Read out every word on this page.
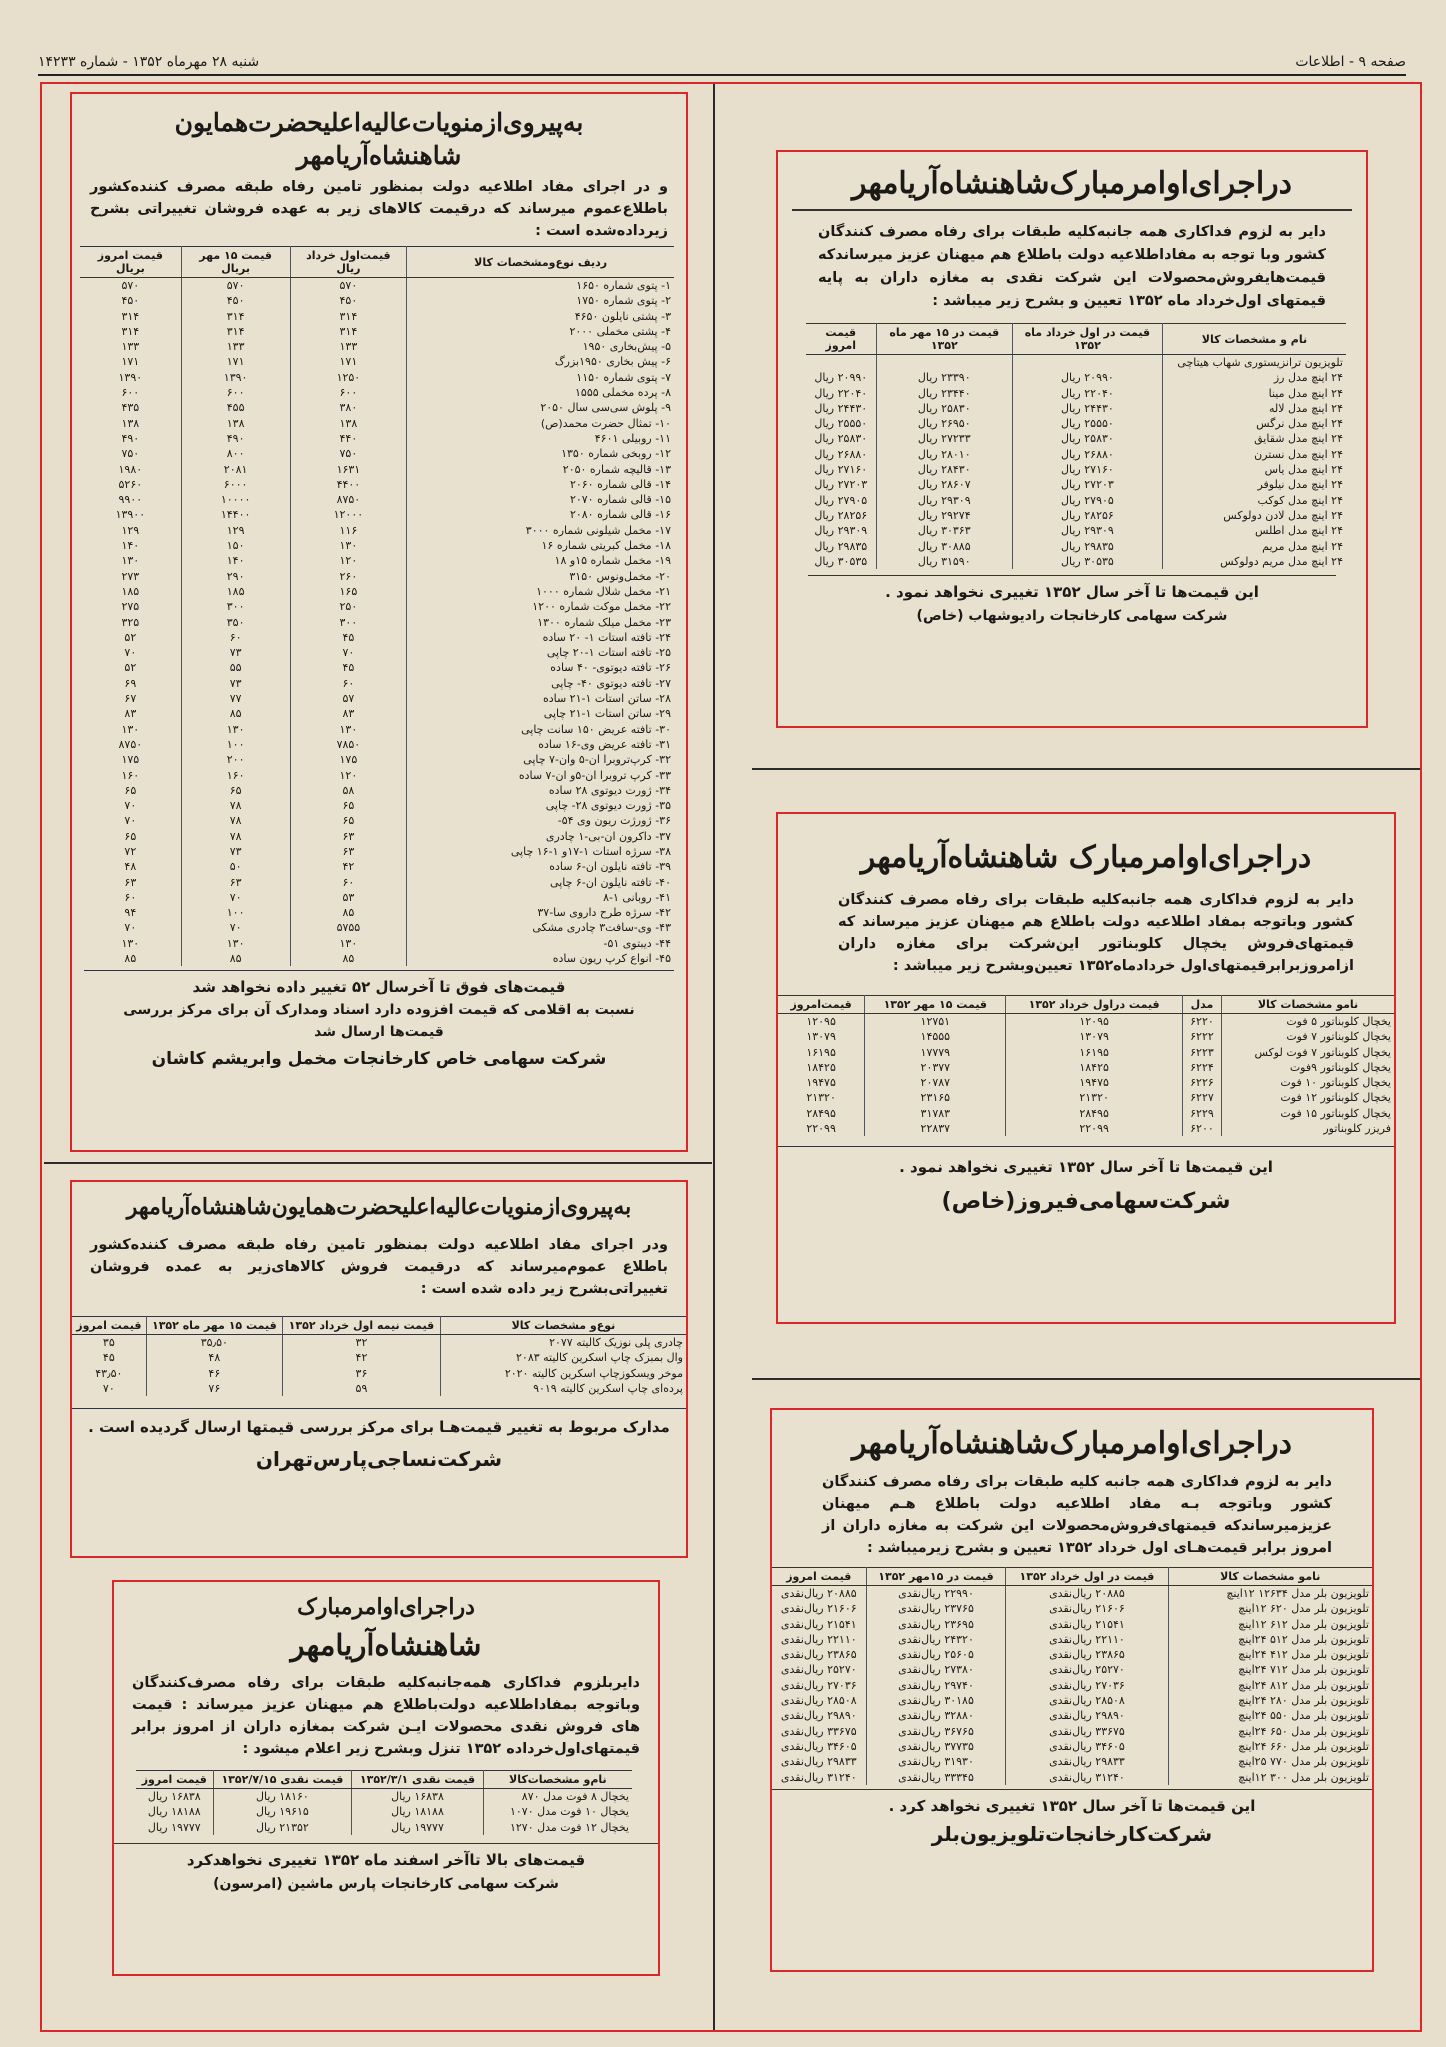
صفحه ۹ - اطلاعات
شنبه ۲۸ مهرماه ۱۳۵۲ - شماره ۱۴۲۳۳
به‌پیروی‌ازمنویات‌عالیه‌اعلیحضرت‌همایون
شاهنشاه‌آریامهر
و در اجرای مفاد اطلاعیه دولت بمنظور تامین رفاه طبقه مصرف کننده‌کشور باطلاع‌عموم میرساند که درقیمت کالاهای زیر به عهده فروشان تغییراتی بشرح زیرداده‌شده است :
ردیف نوع‌ومشخصات کالا	قیمت‌اول خرداد ریال	قیمت ۱۵ مهر بریال	قیمت امروز بریال
۱- پتوی شماره ۱۶۵۰	۵۷۰	۵۷۰	۵۷۰
۲- پتوی شماره ۱۷۵۰	۴۵۰	۴۵۰	۴۵۰
۳- پشتی نایلون ۴۶۵۰	۳۱۴	۳۱۴	۳۱۴
۴- پشتی مخملی ۲۰۰۰	۳۱۴	۳۱۴	۳۱۴
۵- پیش‌بخاری ۱۹۵۰	۱۳۳	۱۳۳	۱۳۳
۶- پیش بخاری ۱۹۵۰بزرگ	۱۷۱	۱۷۱	۱۷۱
۷- پتوی شماره ۱۱۵۰	۱۲۵۰	۱۳۹۰	۱۳۹۰
۸- پرده مخملی ۱۵۵۵	۶۰۰	۶۰۰	۶۰۰
۹- پلوش سی‌سی‌ سال ۲۰۵۰	۳۸۰	۴۵۵	۴۳۵
۱۰- تمثال حضرت محمد(ص)	۱۳۸	۱۳۸	۱۳۸
۱۱- روبیلی ۴۶۰۱	۴۴۰	۴۹۰	۴۹۰
۱۲- روبخی شماره ۱۳۵۰	۷۵۰	۸۰۰	۷۵۰
۱۳- قالیچه شماره ۲۰۵۰	۱۶۳۱	۲۰۸۱	۱۹۸۰
۱۴- قالی شماره ۲۰۶۰	۴۴۰۰	۶۰۰۰	۵۲۶۰
۱۵- قالی شماره ۲۰۷۰	۸۷۵۰	۱۰۰۰۰	۹۹۰۰
۱۶- قالی شماره ۲۰۸۰	۱۲۰۰۰	۱۴۴۰۰	۱۳۹۰۰
۱۷- مخمل شیلونی شماره ۳۰۰۰	۱۱۶	۱۲۹	۱۲۹
۱۸- مخمل کبریتی شماره ۱۶	۱۳۰	۱۵۰	۱۴۰
۱۹- مخمل شماره ۱۵و ۱۸	۱۲۰	۱۴۰	۱۳۰
۲۰- مخمل‌ونوس ۳۱۵۰	۲۶۰	۲۹۰	۲۷۳
۲۱- مخمل شلال شماره ۱۰۰۰	۱۶۵	۱۸۵	۱۸۵
۲۲- مخمل موکت شماره ۱۲۰۰	۲۵۰	۳۰۰	۲۷۵
۲۳- مخمل میلک شماره ۱۳۰۰	۳۰۰	۳۵۰	۳۲۵
۲۴- تافته استات ۱- ۲۰ ساده	۴۵	۶۰	۵۲
۲۵- تافته استات ۱-۲۰ چاپی	۷۰	۷۳	۷۰
۲۶- تافته دیوتوی- ۴۰ ساده	۴۵	۵۵	۵۲
۲۷- تافته دیوتوی ۴۰- چاپی	۶۰	۷۳	۶۹
۲۸- ساتن استات ۱-۲۱ ساده	۵۷	۷۷	۶۷
۲۹- ساتن استات ۱-۲۱ چاپی	۸۳	۸۵	۸۳
۳۰- تافته عریض ۱۵۰ سانت چاپی	۱۳۰	۱۳۰	۱۳۰
۳۱- تافته عریض وی-۱۶ ساده	۷۸۵۰	۱۰۰	۸۷۵۰
۳۲- کرپ‌تروبرا ان-۵ وان-۷ چاپی	۱۷۵	۲۰۰	۱۷۵
۳۳- کرپ تروبرا ان-۵و ان-۷ ساده	۱۲۰	۱۶۰	۱۶۰
۳۴- ژورت دیوتوی ۲۸ ساده	۵۸	۶۵	۶۵
۳۵- ژورت دیوتوی ۲۸- چاپی	۶۵	۷۸	۷۰
۳۶- ژورژت ریون وی ۵۴-	۶۵	۷۸	۷۰
۳۷- داکرون ان-بی-۱ چادری	۶۳	۷۸	۶۵
۳۸- سرژه استات ۱-۱۷و ۱-۱۶ چاپی	۶۳	۷۳	۷۲
۳۹- تافته نایلون ان-۶ ساده	۴۲	۵۰	۴۸
۴۰- تافته نایلون ان-۶ چاپی	۶۰	۶۳	۶۳
۴۱- روبانی ۱-۸	۵۳	۷۰	۶۰
۴۲- سرژه طرح داروی سا-۳۷	۸۵	۱۰۰	۹۴
۴۳- وی-سافت۳ چادری مشکی	۵۷۵۵	۷۰	۷۰
۴۴- دیبتوی ۵۱-	۱۳۰	۱۳۰	۱۳۰
۴۵- انواع کرپ ریون ساده	۸۵	۸۵	۸۵
قیمت‌های فوق تا آخرسال ۵۲ تغییر داده نخواهد شد
نسبت به اقلامی که قیمت افزوده دارد اسناد ومدارک آن برای مرکز بررسی قیمت‌ها ارسال شد
شرکت سهامی خاص کارخانجات مخمل وابریشم کاشان
به‌پیروی‌ازمنویات‌عالیه‌اعلیحضرت‌همایون‌شاهنشاه‌آریامهر
ودر اجرای مفاد اطلاعیه دولت بمنظور تامین رفاه طبقه مصرف کننده‌کشور باطلاع عموم‌میرساند که درقیمت فروش کالاهای‌زیر به عمده فروشان تغییراتی‌بشرح زیر داده شده است :
نوع‌و مشخصات کالا	قیمت نیمه اول خرداد ۱۳۵۲	قیمت ۱۵ مهر ماه ۱۳۵۲	قیمت امروز
چادری پلی نوزیک کالیته ۲۰۷۷	۳۲	۳۵٫۵۰	۳۵
وال بمبزک چاپ اسکرین کالیته ۲۰۸۳	۴۲	۴۸	۴۵
موخر ویسکوزچاپ اسکرین کالیته ۲۰۲۰	۳۶	۴۶	۴۳٫۵۰
پرده‌ای چاپ اسکرین کالیته ۹۰۱۹	۵۹	۷۶	۷۰
مدارک مربوط به تغییر قیمت‌هـا برای مرکز بررسی قیمتها ارسال گردیده است .
شرکت‌نساجی‌پارس‌تهران
دراجرای‌اوامرمبارک
شاهنشاه‌آریامهر
دایربلزوم فداکاری همه‌جانبه‌کلیه طبقات برای رفاه مصرف‌کنندگان وباتوجه بمفاداطلاعیه دولت‌باطلاع هم میهنان عزیز میرساند : قیمت های فروش نقدی محصولات ایـن شرکت بمغازه داران از امروز برابر قیمتهای‌اول‌خرداده ۱۳۵۲ تنزل وبشرح زیر اعلام میشود :
نام‌و مشخصات‌کالا	قیمت نقدی ۱۳۵۲/۳/۱	قیمت نقدی ۱۳۵۲/۷/۱۵	قیمت امروز
یخچال ۸ فوت مدل ۸۷۰	۱۶۸۳۸ ریال	۱۸۱۶۰ ریال	۱۶۸۳۸ ریال
یخچال ۱۰ فوت مدل ۱۰۷۰	۱۸۱۸۸ ریال	۱۹۶۱۵ ریال	۱۸۱۸۸ ریال
یخچال ۱۲ فوت مدل ۱۲۷۰	۱۹۷۷۷ ریال	۲۱۳۵۲ ریال	۱۹۷۷۷ ریال
قیمت‌های بالا تاآخر اسفند ماه ۱۳۵۲ تغییری نخواهدکرد
شرکت سهامی کارخانجات پارس ماشین (امرسون)
دراجرای‌اوامرمبارک‌شاهنشاه‌آریامهر
دایر به لزوم فداکاری همه جانبه‌کلیه طبقات برای رفاه مصرف کنندگان کشور وبا توجه به مفاداطلاعیه دولت باطلاع هم میهنان عزیز میرساندکه قیمت‌هایفروش‌محصولات این شرکت نقدی به مغازه داران به پایه قیمتهای اول‌خرداد ماه ۱۳۵۲ تعیین و بشرح زیر میباشد :
نام و مشخصات کالا	قیمت در اول خرداد ماه ۱۳۵۲	قیمت در ۱۵ مهر ماه ۱۳۵۲	قیمت امروز
تلویزیون ترانزیستوری شهاب هیتاچی			
۲۴ اینچ مدل رز	۲۰۹۹۰ ریال	۲۳۳۹۰ ریال	۲۰۹۹۰ ریال
۲۴ اینچ مدل مینا	۲۲۰۴۰ ریال	۲۳۴۴۰ ریال	۲۲۰۴۰ ریال
۲۴ اینچ مدل لاله	۲۴۴۳۰ ریال	۲۵۸۳۰ ریال	۲۴۴۳۰ ریال
۲۴ اینچ مدل نرگس	۲۵۵۵۰ ریال	۲۶۹۵۰ ریال	۲۵۵۵۰ ریال
۲۴ اینچ مدل شقایق	۲۵۸۳۰ ریال	۲۷۲۳۳ ریال	۲۵۸۳۰ ریال
۲۴ اینچ مدل نسترن	۲۶۸۸۰ ریال	۲۸۰۱۰ ریال	۲۶۸۸۰ ریال
۲۴ اینچ مدل یاس	۲۷۱۶۰ ریال	۲۸۴۳۰ ریال	۲۷۱۶۰ ریال
۲۴ اینچ مدل نیلوفر	۲۷۲۰۳ ریال	۲۸۶۰۷ ریال	۲۷۲۰۳ ریال
۲۴ اینچ مدل کوکب	۲۷۹۰۵ ریال	۲۹۳۰۹ ریال	۲۷۹۰۵ ریال
۲۴ اینچ مدل لادن دولوکس	۲۸۲۵۶ ریال	۲۹۲۷۴ ریال	۲۸۲۵۶ ریال
۲۴ اینچ مدل اطلس	۲۹۳۰۹ ریال	۳۰۳۶۳ ریال	۲۹۳۰۹ ریال
۲۴ اینچ مدل مریم	۲۹۸۳۵ ریال	۳۰۸۸۵ ریال	۲۹۸۳۵ ریال
۲۴ اینچ مدل مریم دولوکس	۳۰۵۳۵ ریال	۳۱۵۹۰ ریال	۳۰۵۳۵ ریال
این قیمت‌ها تا آخر سال ۱۳۵۲ تغییری نخواهد نمود .
شرکت سهامی کارخانجات رادیوشهاب (خاص)
دراجرای‌اوامرمبارک شاهنشاه‌آریامهر
دایر به لزوم فداکاری همه جانبه‌کلیه طبقات برای رفاه مصرف کنندگان کشور وباتوجه بمفاد اطلاعیه دولت باطلاع هم میهنان عزیز میرساند که قیمتهای‌فروش یخچال کلوبناتور این‌شرکت برای مغازه داران ازامروزبرابرقیمتهای‌اول خردادماه۱۳۵۲ تعیین‌وبشرح زیر میباشد :
نامو مشخصات کالا	مدل	قیمت دراول خرداد ۱۳۵۲	قیمت ۱۵ مهر ۱۳۵۲	قیمت‌امروز
یخچال کلوبناتور ۵ فوت	۶۲۲۰	۱۲۰۹۵	۱۲۷۵۱	۱۲۰۹۵
یخچال کلوبناتور ۷ فوت	۶۲۲۲	۱۳۰۷۹	۱۴۵۵۵	۱۳۰۷۹
یخچال کلوبناتور ۷ فوت لوکس	۶۲۲۳	۱۶۱۹۵	۱۷۷۷۹	۱۶۱۹۵
یخچال کلوبناتور ۹فوت	۶۲۲۴	۱۸۴۲۵	۲۰۳۷۷	۱۸۴۲۵
یخچال کلوبناتور ۱۰ فوت	۶۲۲۶	۱۹۴۷۵	۲۰۷۸۷	۱۹۴۷۵
یخچال کلوبناتور ۱۲ فوت	۶۲۲۷	۲۱۳۲۰	۲۳۱۶۵	۲۱۳۲۰
یخچال کلوبناتور ۱۵ فوت	۶۲۲۹	۲۸۴۹۵	۳۱۷۸۳	۲۸۴۹۵
فریزر کلوبناتور	۶۲۰۰	۲۲۰۹۹	۲۲۸۳۷	۲۲۰۹۹
این قیمت‌ها تا آخر سال ۱۳۵۲ تغییری نخواهد نمود .
شرکت‌سهامی‌فیروز(خاص)
دراجرای‌اوامرمبارک‌شاهنشاه‌آریامهر
دایر به لزوم فداکاری همه جانبه کلیه طبقات برای رفاه مصرف کنندگان کشور وباتوجه بـه مفاد اطلاعیه دولت باطلاع هـم میهنان عزیزمیرساندکه قیمتهای‌فروش‌محصولات این شرکت به مغازه داران از امروز برابر قیمت‌هـای اول خرداد ۱۳۵۲ تعیین و بشرح زیرمیباشد :
نامو مشخصات کالا	قیمت در اول خرداد ۱۳۵۲	قیمت در ۱۵مهر ۱۳۵۲	قیمت امروز
تلویزیون بلر مدل ۱۲۶۳۴ ۱۲اینچ	۲۰۸۸۵ ریال‌نقدی	۲۲۹۹۰ ریال‌نقدی	۲۰۸۸۵ ریال‌نقدی
تلویزیون بلر مدل ۶۲۰ ۱۲اینچ	۲۱۶۰۶ ریال‌نقدی	۲۳۷۶۵ ریال‌نقدی	۲۱۶۰۶ ریال‌نقدی
تلویزیون بلر مدل ۶۱۲ ۱۲اینچ	۲۱۵۴۱ ریال‌نقدی	۲۳۶۹۵ ریال‌نقدی	۲۱۵۴۱ ریال‌نقدی
تلویزیون بلر مدل ۵۱۲ ۲۴اینچ	۲۲۱۱۰ ریال‌نقدی	۲۴۳۲۰ ریال‌نقدی	۲۲۱۱۰ ریال‌نقدی
تلویزیون بلر مدل ۴۱۲ ۲۴اینچ	۲۳۸۶۵ ریال‌نقدی	۲۵۶۰۵ ریال‌نقدی	۲۳۸۶۵ ریال‌نقدی
تلویزیون بلر مدل ۷۱۲ ۲۴اینچ	۲۵۲۷۰ ریال‌نقدی	۲۷۳۸۰ ریال‌نقدی	۲۵۲۷۰ ریال‌نقدی
تلویزیون بلر مدل ۸۱۲ ۲۴اینچ	۲۷۰۳۶ ریال‌نقدی	۲۹۷۴۰ ریال‌نقدی	۲۷۰۳۶ ریال‌نقدی
تلویزیون بلر مدل ۲۸۰ ۲۴اینچ	۲۸۵۰۸ ریال‌نقدی	۳۰۱۸۵ ریال‌نقدی	۲۸۵۰۸ ریال‌نقدی
تلویزیون بلر مدل ۵۵۰ ۲۴اینچ	۲۹۸۹۰ ریال‌نقدی	۳۲۸۸۰ ریال‌نقدی	۲۹۸۹۰ ریال‌نقدی
تلویزیون بلر مدل ۶۵۰ ۲۴اینچ	۳۳۶۷۵ ریال‌نقدی	۳۶۷۶۵ ریال‌نقدی	۳۳۶۷۵ ریال‌نقدی
تلویزیون بلر مدل ۶۶۰ ۲۴اینچ	۳۴۶۰۵ ریال‌نقدی	۳۷۷۳۵ ریال‌نقدی	۳۴۶۰۵ ریال‌نقدی
تلویزیون بلر مدل ۷۷۰ ۲۵اینچ	۲۹۸۳۳ ریال‌نقدی	۳۱۹۳۰ ریال‌نقدی	۲۹۸۳۳ ریال‌نقدی
تلویزیون بلر مدل ۳۰۰ ۱۲اینچ	۳۱۲۴۰ ریال‌نقدی	۳۳۳۴۵ ریال‌نقدی	۳۱۲۴۰ ریال‌نقدی
این قیمت‌ها تا آخر سال ۱۳۵۲ تغییری نخواهد کرد .
شرکت‌کارخانجات‌تلویزیون‌بلر
